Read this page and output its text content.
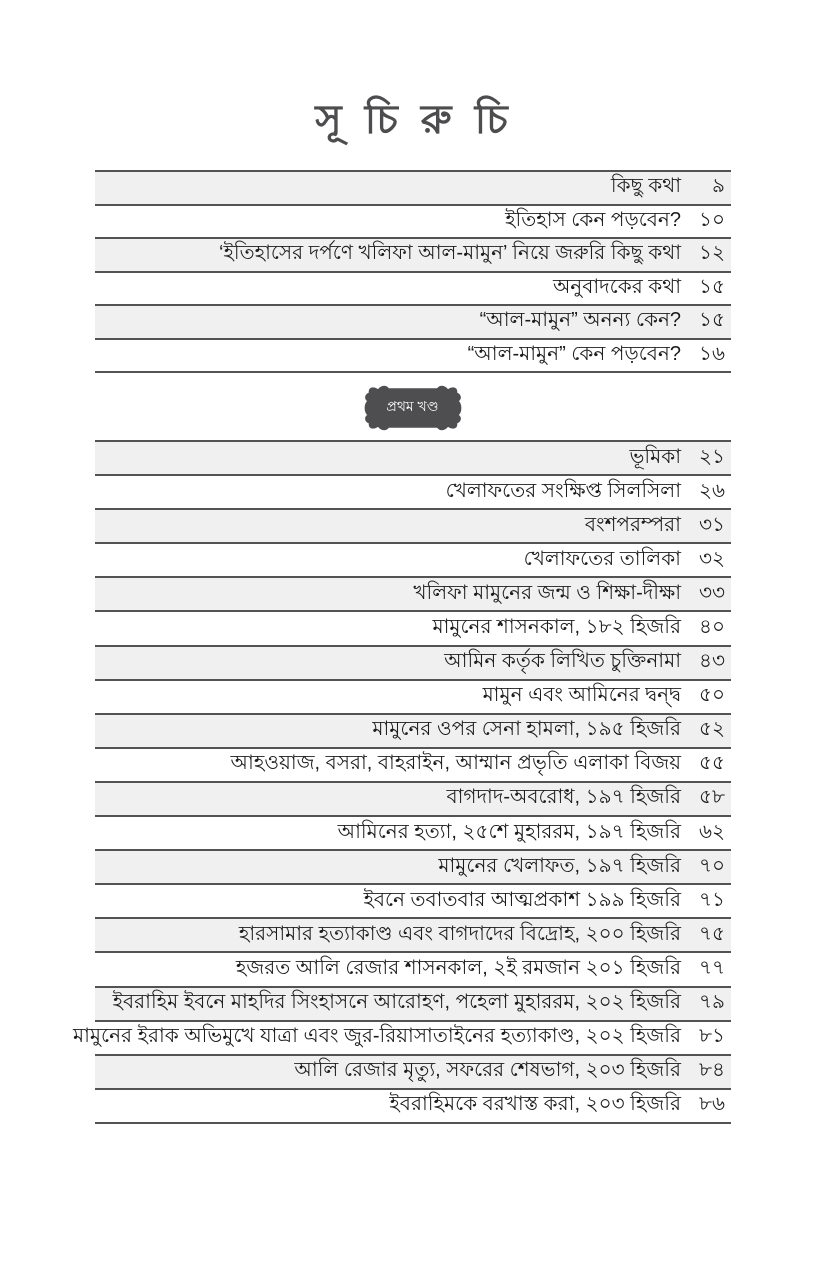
সূ চি রু চি
কিছু কথা	৯
ইতিহাস কেন পড়বেন? ১০
‘ইতিহাসের দর্পণে খলিফা আল-মামুন’ নিয়ে জরুরি কিছু কথা ১২
অনুবাদকের কথা ১৫
“আল-মামুন” অনন্য কেন? ১৫
“আল-মামুন” কেন পড়বেন? ১৬
প্রথম খণ্ড
ভূমিকা ২১
খেলাফতের সংক্ষিপ্ত সিলসিলা ২৬
বংশপরম্পরা ৩১
খেলাফতের তালিকা ৩২
খলিফা মামুনের জন্ম ও শিক্ষা-দীক্ষা ৩৩
মামুনের শাসনকাল, ১৮২ হিজরি ৪০
আমিন কর্তৃক লিখিত চুক্তিনামা ৪৩
মামুন এবং আমিনের দ্বন্দ্ব ৫০
মামুনের ওপর সেনা হামলা, ১৯৫ হিজরি ৫২
আহওয়াজ, বসরা, বাহরাইন, আম্মান প্রভৃতি এলাকা বিজয় ৫৫
বাগদাদ-অবরোধ, ১৯৭ হিজরি ৫৮
আমিনের হত্যা, ২৫শে মুহাররম, ১৯৭ হিজরি ৬২
মামুনের খেলাফত, ১৯৭ হিজরি ৭০
ইবনে তবাতবার আত্মপ্রকাশ ১৯৯ হিজরি ৭১
হারসামার হত্যাকাণ্ড এবং বাগদাদের বিদ্রোহ, ২০০ হিজরি ৭৫
হজরত আলি রেজার শাসনকাল, ২ই রমজান ২০১ হিজরি ৭৭
ইবরাহিম ইবনে মাহদির সিংহাসনে আরোহণ, পহেলা মুহাররম, ২০২ হিজরি ৭৯
মামুনের ইরাক অভিমুখে যাত্রা এবং জুর-রিয়াসাতাইনের হত্যাকাণ্ড, ২০২ হিজরি ৮১
আলি রেজার মৃত্যু, সফরের শেষভাগ, ২০৩ হিজরি ৮৪
ইবরাহিমকে বরখাস্ত করা, ২০৩ হিজরি ৮৬
